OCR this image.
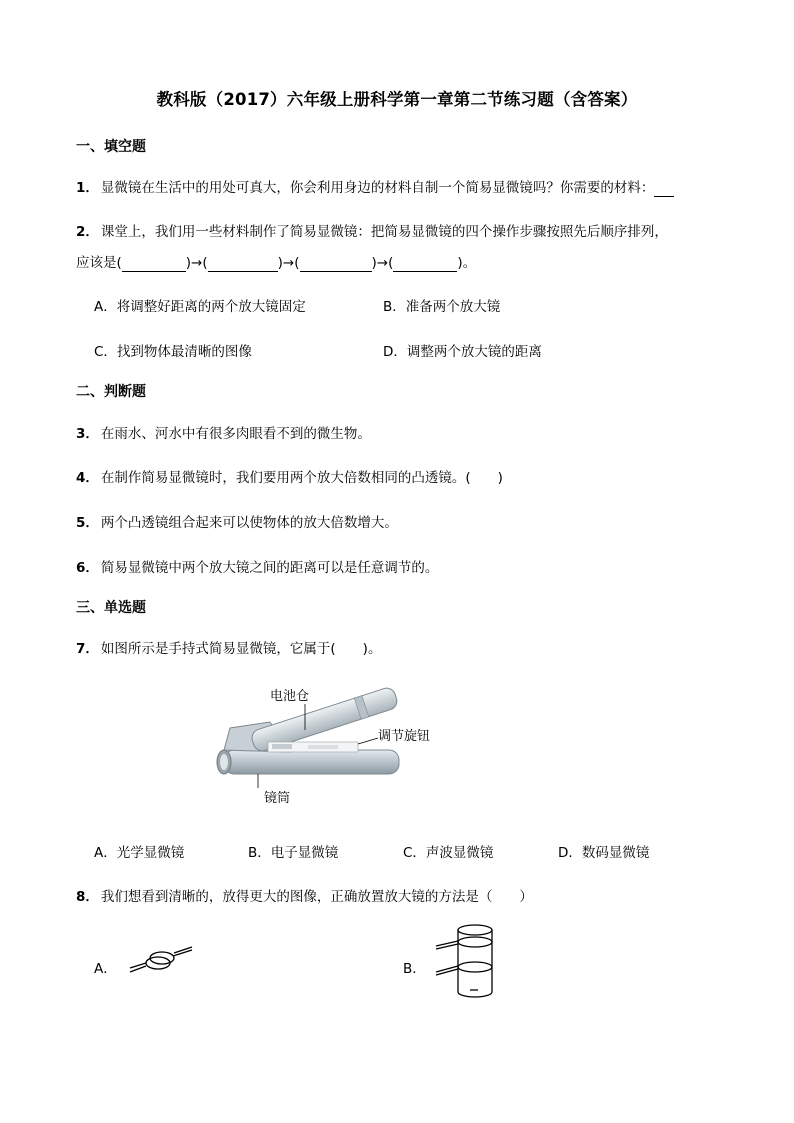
教科版（2017）六年级上册科学第一章第二节练习题（含答案）
一、填空题
1． 显微镜在生活中的用处可真大，你会利用身边的材料自制一个简易显微镜吗？你需要的材料：
2． 课堂上，我们用一些材料制作了简易显微镜：把简易显微镜的四个操作步骤按照先后顺序排列，
应该是(	)→(	)→(	)→(	)。
A．将调整好距离的两个放大镜固定	B．准备两个放大镜
C．找到物体最清晰的图像	D．调整两个放大镜的距离
二、判断题
3． 在雨水、河水中有很多肉眼看不到的微生物。
4． 在制作简易显微镜时，我们要用两个放大倍数相同的凸透镜。(　　)
5． 两个凸透镜组合起来可以使物体的放大倍数增大。
6． 简易显微镜中两个放大镜之间的距离可以是任意调节的。
三、单选题
7． 如图所示是手持式简易显微镜，它属于(　　)。
电池仓
调节旋钮
镜筒
A．光学显微镜	B．电子显微镜	C．声波显微镜	D．数码显微镜
8． 我们想看到清晰的，放得更大的图像，正确放置放大镜的方法是（　　）
A．	B．
